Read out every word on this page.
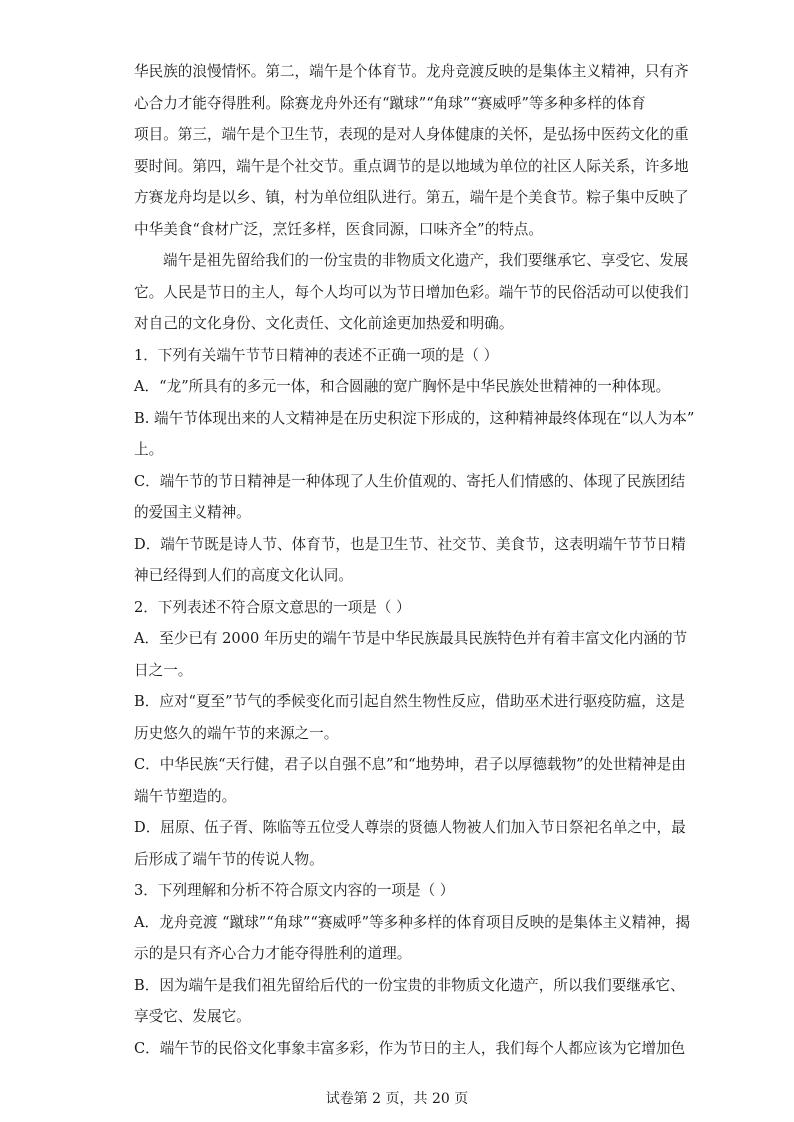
华民族的浪慢情怀。第二，端午是个体育节。龙舟竞渡反映的是集体主义精神，只有齐
心合力才能夺得胜利。除赛龙舟外还有“蹴球”“角球”“赛威呼”等多种多样的体育
项目。第三，端午是个卫生节，表现的是对人身体健康的关怀，是弘扬中医药文化的重
要时间。第四，端午是个社交节。重点调节的是以地域为单位的社区人际关系，许多地
方赛龙舟均是以乡、镇，村为单位组队进行。第五，端午是个美食节。粽子集中反映了
中华美食“食材广泛，烹饪多样，医食同源，口味齐全”的特点。
端午是祖先留给我们的一份宝贵的非物质文化遗产，我们要继承它、享受它、发展
它。人民是节日的主人，每个人均可以为节日增加色彩。端午节的民俗活动可以使我们
对自己的文化身份、文化责任、文化前途更加热爱和明确。
1．下列有关端午节节日精神的表述不正确一项的是（ ）
A．“龙”所具有的多元一体，和合圆融的宽广胸怀是中华民族处世精神的一种体现。
B. 端午节体现出来的人文精神是在历史积淀下形成的，这种精神最终体现在“以人为本”
上。
C．端午节的节日精神是一种体现了人生价值观的、寄托人们情感的、体现了民族团结
的爱国主义精神。
D．端午节既是诗人节、体育节，也是卫生节、社交节、美食节，这表明端午节节日精
神已经得到人们的高度文化认同。
2．下列表述不符合原文意思的一项是（ ）
A．至少已有 2000 年历史的端午节是中华民族最具民族特色并有着丰富文化内涵的节
日之一。
B．应对“夏至”节气的季候变化而引起自然生物性反应，借助巫术进行驱疫防瘟，这是
历史悠久的端午节的来源之一。
C．中华民族“天行健，君子以自强不息”和“地势坤，君子以厚德载物”的处世精神是由
端午节塑造的。
D．屈原、伍子胥、陈临等五位受人尊崇的贤德人物被人们加入节日祭祀名单之中，最
后形成了端午节的传说人物。
3．下列理解和分析不符合原文内容的一项是（ ）
A．龙舟竞渡 “蹴球”“角球”“赛威呼”等多种多样的体育项目反映的是集体主义精神，揭
示的是只有齐心合力才能夺得胜利的道理。
B．因为端午是我们祖先留给后代的一份宝贵的非物质文化遗产，所以我们要继承它、
享受它、发展它。
C．端午节的民俗文化事象丰富多彩，作为节日的主人，我们每个人都应该为它增加色
试卷第 2 页，共 20 页
